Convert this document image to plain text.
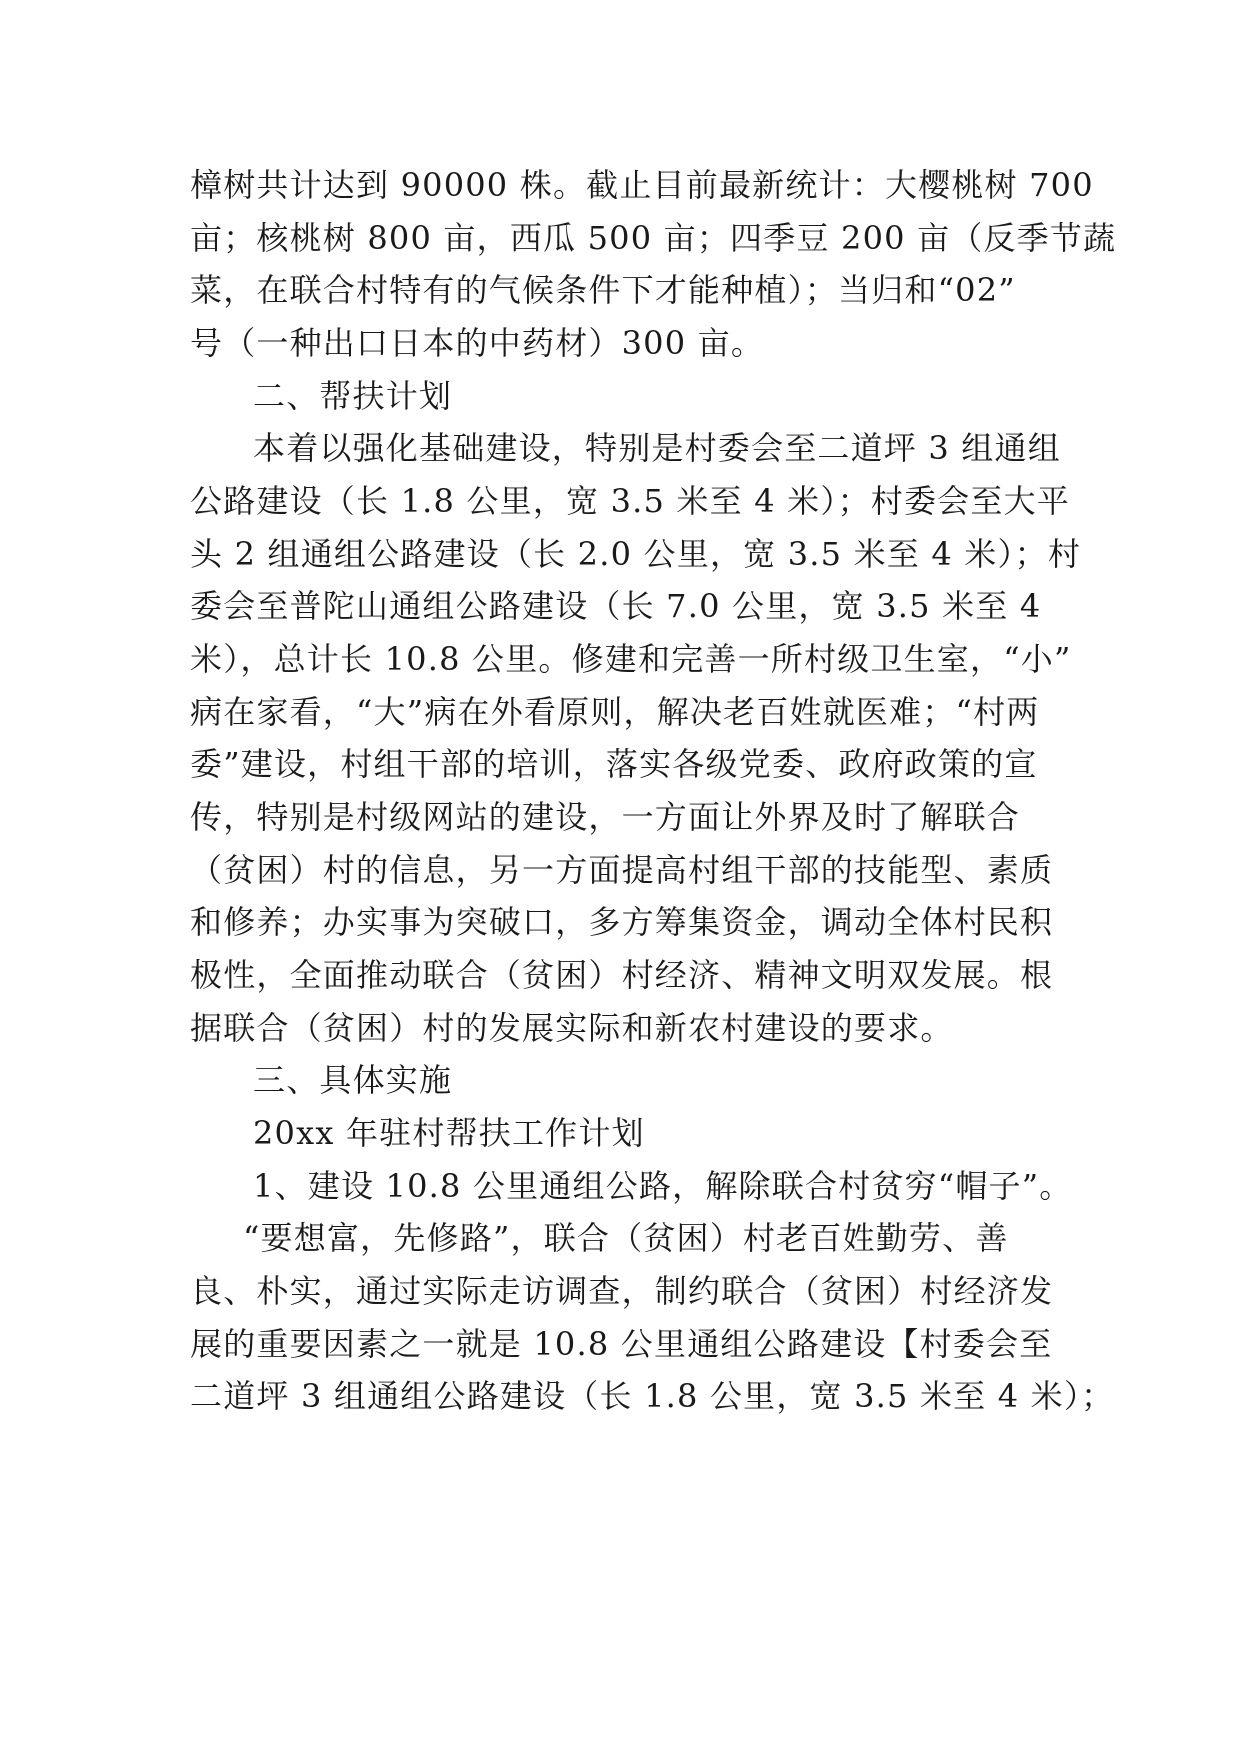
樟树共计达到 90000 株。截止目前最新统计：大樱桃树 700
亩；核桃树 800 亩，西瓜 500 亩；四季豆 200 亩（反季节蔬
菜，在联合村特有的气候条件下才能种植）；当归和“02”
号（一种出口日本的中药材）300 亩。
二、帮扶计划
本着以强化基础建设，特别是村委会至二道坪 3 组通组
公路建设（长 1.8 公里，宽 3.5 米至 4 米）；村委会至大平
头 2 组通组公路建设（长 2.0 公里，宽 3.5 米至 4 米）；村
委会至普陀山通组公路建设（长 7.0 公里，宽 3.5 米至 4
米），总计长 10.8 公里。修建和完善一所村级卫生室，“小”
病在家看，“大”病在外看原则，解决老百姓就医难；“村两
委”建设，村组干部的培训，落实各级党委、政府政策的宣
传，特别是村级网站的建设，一方面让外界及时了解联合
（贫困）村的信息，另一方面提高村组干部的技能型、素质
和修养；办实事为突破口，多方筹集资金，调动全体村民积
极性，全面推动联合（贫困）村经济、精神文明双发展。根
据联合（贫困）村的发展实际和新农村建设的要求。
三、具体实施
20xx 年驻村帮扶工作计划
1、建设 10.8 公里通组公路，解除联合村贫穷“帽子”。
“要想富，先修路”，联合（贫困）村老百姓勤劳、善
良、朴实，通过实际走访调查，制约联合（贫困）村经济发
展的重要因素之一就是 10.8 公里通组公路建设【村委会至
二道坪 3 组通组公路建设（长 1.8 公里，宽 3.5 米至 4 米）；
